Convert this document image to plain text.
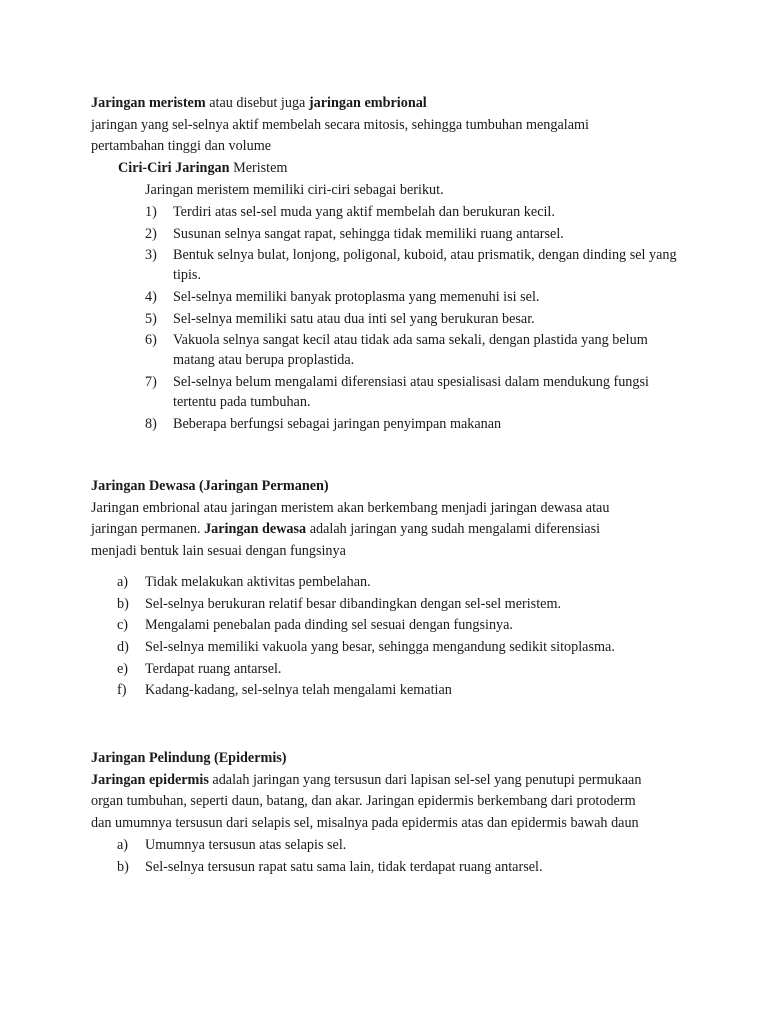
Jaringan meristem atau disebut juga jaringan embrional
jaringan yang sel-selnya aktif membelah secara mitosis, sehingga tumbuhan mengalami
pertambahan tinggi dan volume
Ciri-Ciri Jaringan Meristem
Jaringan meristem memiliki ciri-ciri sebagai berikut.
1) Terdiri atas sel-sel muda yang aktif membelah dan berukuran kecil.
2) Susunan selnya sangat rapat, sehingga tidak memiliki ruang antarsel.
3) Bentuk selnya bulat, lonjong, poligonal, kuboid, atau prismatik, dengan dinding sel yang tipis.
4) Sel-selnya memiliki banyak protoplasma yang memenuhi isi sel.
5) Sel-selnya memiliki satu atau dua inti sel yang berukuran besar.
6) Vakuola selnya sangat kecil atau tidak ada sama sekali, dengan plastida yang belum matang atau berupa proplastida.
7) Sel-selnya belum mengalami diferensiasi atau spesialisasi dalam mendukung fungsi tertentu pada tumbuhan.
8) Beberapa berfungsi sebagai jaringan penyimpan makanan
Jaringan Dewasa (Jaringan Permanen)
Jaringan embrional atau jaringan meristem akan berkembang menjadi jaringan dewasa atau
jaringan permanen. Jaringan dewasa adalah jaringan yang sudah mengalami diferensiasi
menjadi bentuk lain sesuai dengan fungsinya
a) Tidak melakukan aktivitas pembelahan.
b) Sel-selnya berukuran relatif besar dibandingkan dengan sel-sel meristem.
c) Mengalami penebalan pada dinding sel sesuai dengan fungsinya.
d) Sel-selnya memiliki vakuola yang besar, sehingga mengandung sedikit sitoplasma.
e) Terdapat ruang antarsel.
f) Kadang-kadang, sel-selnya telah mengalami kematian
Jaringan Pelindung (Epidermis)
Jaringan epidermis adalah jaringan yang tersusun dari lapisan sel-sel yang penutupi permukaan
organ tumbuhan, seperti daun, batang, dan akar. Jaringan epidermis berkembang dari protoderm
dan umumnya tersusun dari selapis sel, misalnya pada epidermis atas dan epidermis bawah daun
a) Umumnya tersusun atas selapis sel.
b) Sel-selnya tersusun rapat satu sama lain, tidak terdapat ruang antarsel.
